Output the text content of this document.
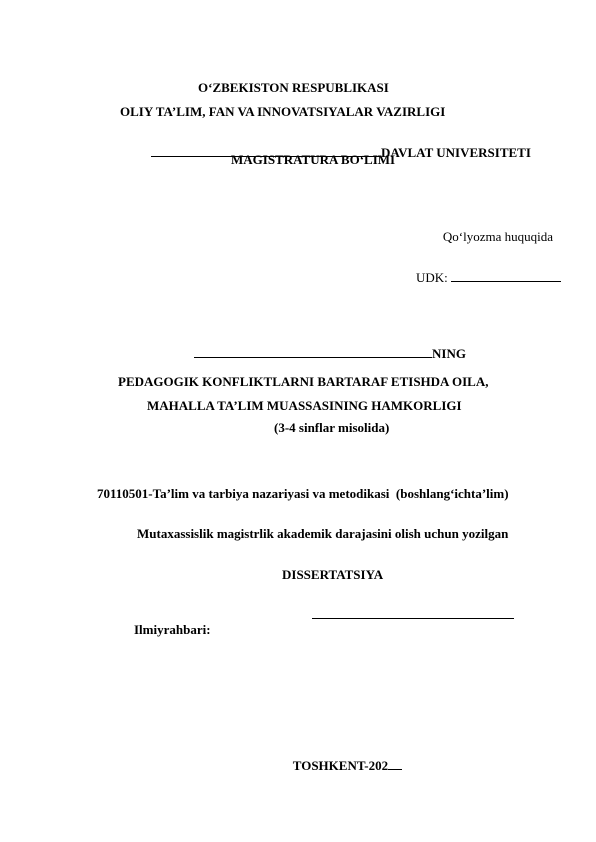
O‘ZBEKISTON RESPUBLIKASI
OLIY TA’LIM, FAN VA INNOVATSIYALAR VAZIRLIGI

DAVLAT UNIVERSITETI

MAGISTRATURA BO‘LIMI
Qo‘lyozma huquqida

UDK:

NING

PEDAGOGIK KONFLIKTLARNI BARTARAF ETISHDA OILA,
MAHALLA TA’LIM MUASSASINING HAMKORLIGI
(3-4 sinflar misolida)
70110501-Ta’lim va tarbiya nazariyasi va metodikasi  (boshlang‘ichta’lim)
Mutaxassislik magistrlik akademik darajasini olish uchun yozilgan
DISSERTATSIYA

Ilmiyrahbari:

TOSHKENT-202
